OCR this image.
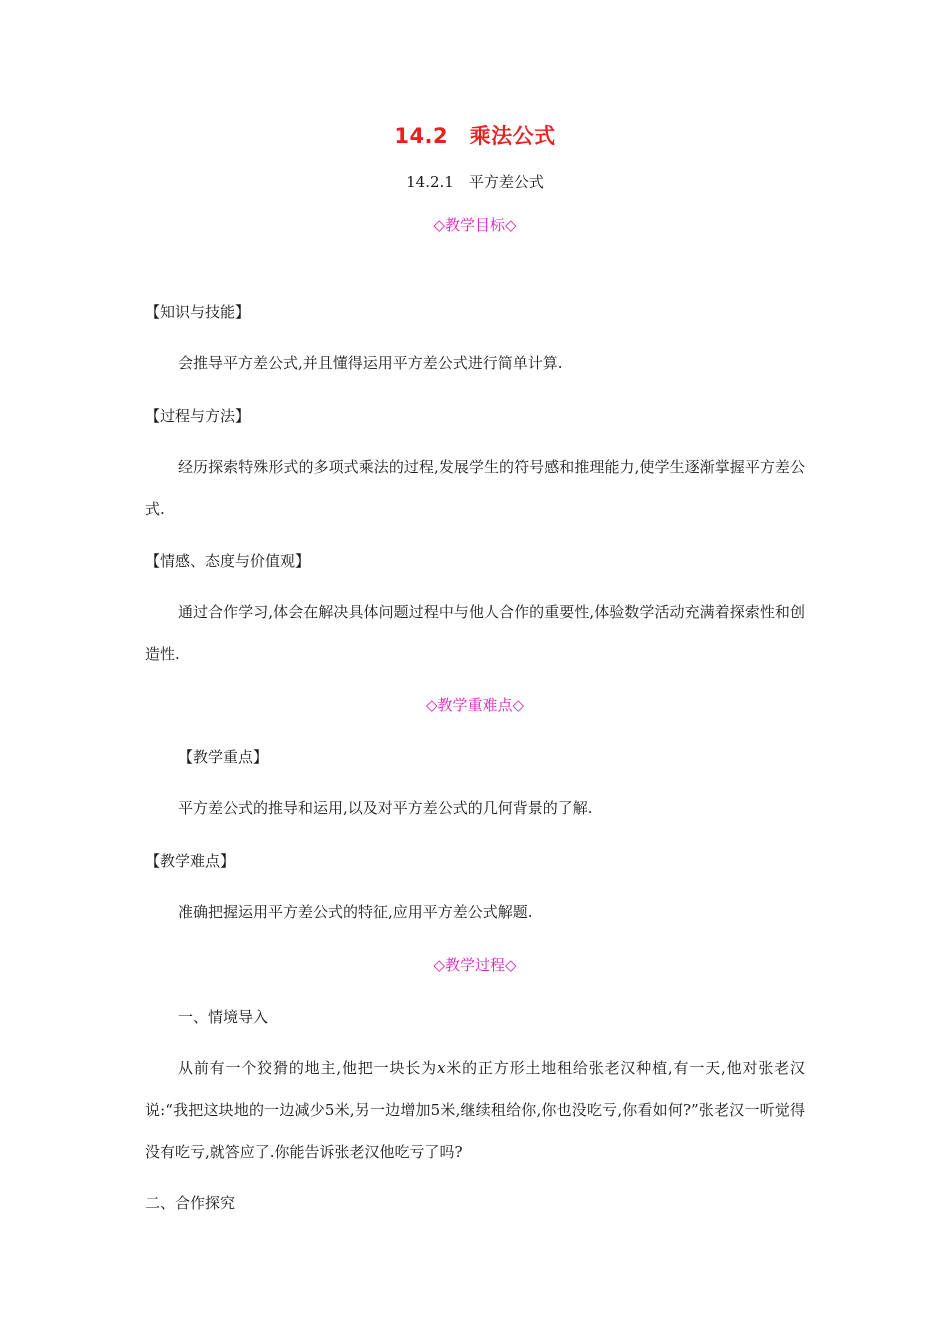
14.2　乘法公式
14.2.1　平方差公式
◇教学目标◇
【知识与技能】
会推导平方差公式,并且懂得运用平方差公式进行简单计算.
【过程与方法】
经历探索特殊形式的多项式乘法的过程,发展学生的符号感和推理能力,使学生逐渐掌握平方差公式.
【情感、态度与价值观】
通过合作学习,体会在解决具体问题过程中与他人合作的重要性,体验数学活动充满着探索性和创造性.
◇教学重难点◇
【教学重点】
平方差公式的推导和运用,以及对平方差公式的几何背景的了解.
【教学难点】
准确把握运用平方差公式的特征,应用平方差公式解题.
◇教学过程◇
一、情境导入
从前有一个狡猾的地主,他把一块长为x米的正方形土地租给张老汉种植,有一天,他对张老汉说:“我把这块地的一边减少5米,另一边增加5米,继续租给你,你也没吃亏,你看如何?”张老汉一听觉得没有吃亏,就答应了.你能告诉张老汉他吃亏了吗?
二、合作探究
